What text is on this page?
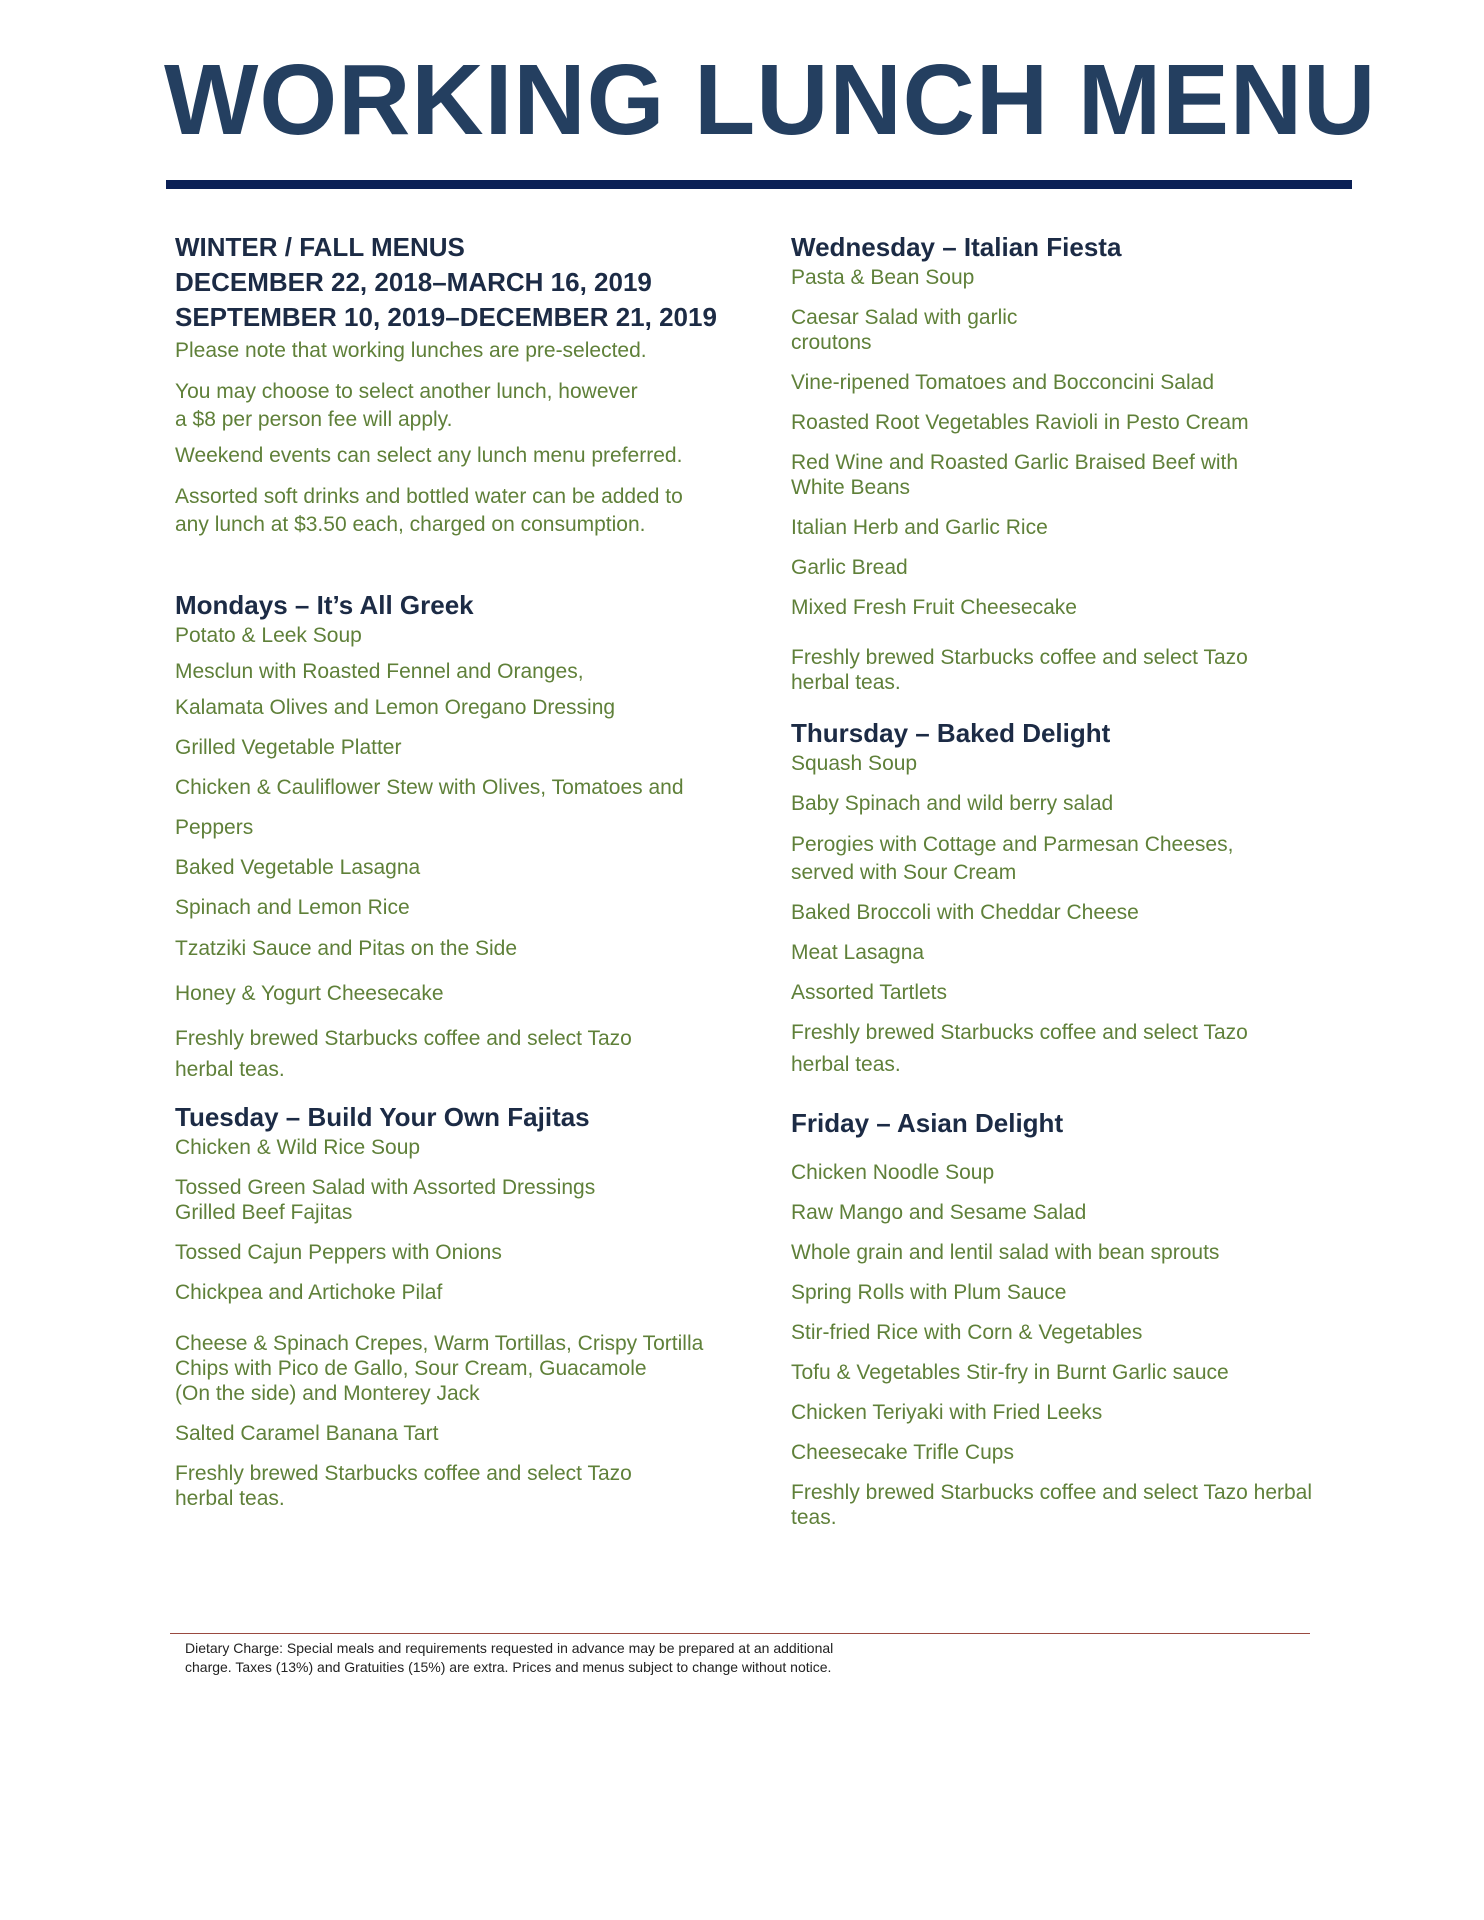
WORKING LUNCH MENU
WINTER / FALL MENUS
DECEMBER 22, 2018–MARCH 16, 2019
SEPTEMBER 10, 2019–DECEMBER 21, 2019
Please note that working lunches are pre-selected.
You may choose to select another lunch, however
a $8 per person fee will apply.
Weekend events can select any lunch menu preferred.
Assorted soft drinks and bottled water can be added to
any lunch at $3.50 each, charged on consumption.
Mondays – It’s All Greek
Potato & Leek Soup
Mesclun with Roasted Fennel and Oranges,
Kalamata Olives and Lemon Oregano Dressing
Grilled Vegetable Platter
Chicken & Cauliflower Stew with Olives, Tomatoes and
Peppers
Baked Vegetable Lasagna
Spinach and Lemon Rice
Tzatziki Sauce and Pitas on the Side
Honey & Yogurt Cheesecake
Freshly brewed Starbucks coffee and select Tazo
herbal teas.
Tuesday – Build Your Own Fajitas
Chicken & Wild Rice Soup
Tossed Green Salad with Assorted Dressings
Grilled Beef Fajitas
Tossed Cajun Peppers with Onions
Chickpea and Artichoke Pilaf
Cheese & Spinach Crepes, Warm Tortillas, Crispy Tortilla
Chips with Pico de Gallo, Sour Cream, Guacamole
(On the side) and Monterey Jack
Salted Caramel Banana Tart
Freshly brewed Starbucks coffee and select Tazo
herbal teas.
Wednesday – Italian Fiesta
Pasta & Bean Soup
Caesar Salad with garlic
croutons
Vine-ripened Tomatoes and Bocconcini Salad
Roasted Root Vegetables Ravioli in Pesto Cream
Red Wine and Roasted Garlic Braised Beef with
White Beans
Italian Herb and Garlic Rice
Garlic Bread
Mixed Fresh Fruit Cheesecake
Freshly brewed Starbucks coffee and select Tazo
herbal teas.
Thursday – Baked Delight
Squash Soup
Baby Spinach and wild berry salad
Perogies with Cottage and Parmesan Cheeses,
served with Sour Cream
Baked Broccoli with Cheddar Cheese
Meat Lasagna
Assorted Tartlets
Freshly brewed Starbucks coffee and select Tazo
herbal teas.
Friday – Asian Delight
Chicken Noodle Soup
Raw Mango and Sesame Salad
Whole grain and lentil salad with bean sprouts
Spring Rolls with Plum Sauce
Stir-fried Rice with Corn & Vegetables
Tofu & Vegetables Stir-fry in Burnt Garlic sauce
Chicken Teriyaki with Fried Leeks
Cheesecake Trifle Cups
Freshly brewed Starbucks coffee and select Tazo herbal
teas.
Dietary Charge: Special meals and requirements requested in advance may be prepared at an additional
charge. Taxes (13%) and Gratuities (15%) are extra. Prices and menus subject to change without notice.
